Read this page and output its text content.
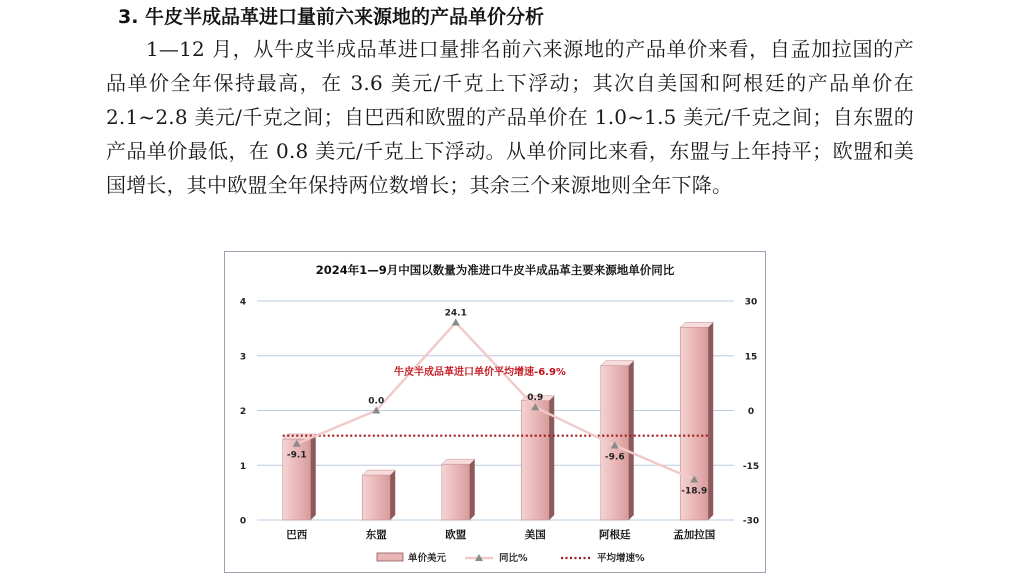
3. 牛皮半成品革进口量前六来源地的产品单价分析

1—12 月，从牛皮半成品革进口量排名前六来源地的产品单价来看，自孟加拉国的产品单价全年保持最高，在 3.6 美元/千克上下浮动；其次自美国和阿根廷的产品单价在 2.1~2.8 美元/千克之间；自巴西和欧盟的产品单价在 1.0~1.5 美元/千克之间；自东盟的产品单价最低，在 0.8 美元/千克上下浮动。从单价同比来看，东盟与上年持平；欧盟和美国增长，其中欧盟全年保持两位数增长；其余三个来源地则全年下降。

2024年1—9月中国以数量为准进口牛皮半成品革主要来源地单价同比
0
1
2
3
4
-30
-15
0
15
30
巴西	东盟	欧盟	美国	阿根廷	孟加拉国
-9.1
0.0
24.1
0.9
-9.6
-18.9
牛皮半成品革进口单价平均增速-6.9%
单价美元	同比%	平均增速%
